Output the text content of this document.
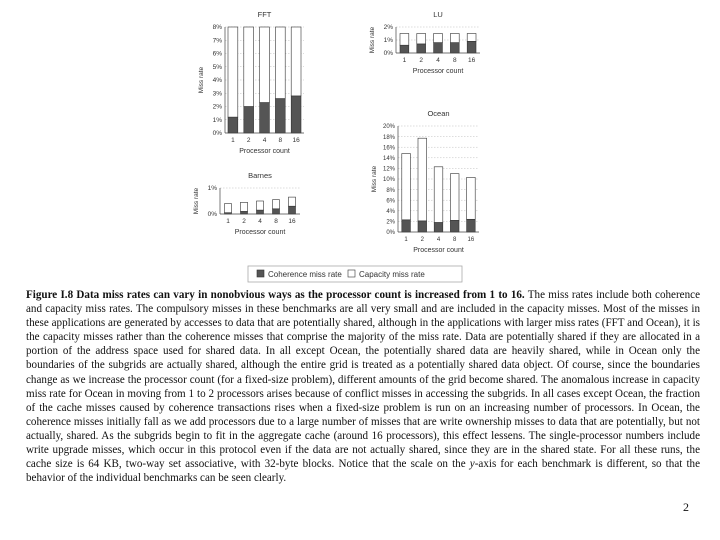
FFT
0%
1%
2%
3%
4%
5%
6%
7%
8%
1 2 4 8 16
Processor count
Miss rate
LU
0%
1%
2%
1 2 4 8 16
Processor count
Miss rate
Barnes
0%
1%
1 2 4 8 16
Processor count
Miss rate
Ocean
0%
2%
4%
6%
8%
10%
12%
14%
16%
18%
20%
1 2 4 8 16
Processor count
Miss rate
Coherence miss rate Capacity miss rate

Figure I.8 Data miss rates can vary in nonobvious ways as the processor count is increased from 1 to 16. The miss rates include both coherence and capacity miss rates. The compulsory misses in these benchmarks are all very small and are included in the capacity misses. Most of the misses in these applications are generated by accesses to data that are potentially shared, although in the applications with larger miss rates (FFT and Ocean), it is the capacity misses rather than the coherence misses that comprise the majority of the miss rate. Data are potentially shared if they are allocated in a portion of the address space used for shared data. In all except Ocean, the potentially shared data are heavily shared, while in Ocean only the boundaries of the subgrids are actually shared, although the entire grid is treated as a potentially shared data object. Of course, since the boundaries change as we increase the processor count (for a fixed-size problem), different amounts of the grid become shared. The anomalous increase in capacity miss rate for Ocean in moving from 1 to 2 processors arises because of conflict misses in accessing the subgrids. In all cases except Ocean, the fraction of the cache misses caused by coherence transactions rises when a fixed-size problem is run on an increasing number of processors. In Ocean, the coherence misses initially fall as we add processors due to a large number of misses that are write ownership misses to data that are potentially, but not actually, shared. As the subgrids begin to fit in the aggregate cache (around 16 processors), this effect lessens. The single-processor numbers include write upgrade misses, which occur in this protocol even if the data are not actually shared, since they are in the shared state. For all these runs, the cache size is 64 KB, two-way set associative, with 32-byte blocks. Notice that the scale on the y-axis for each benchmark is different, so that the behavior of the individual benchmarks can be seen clearly.

2
